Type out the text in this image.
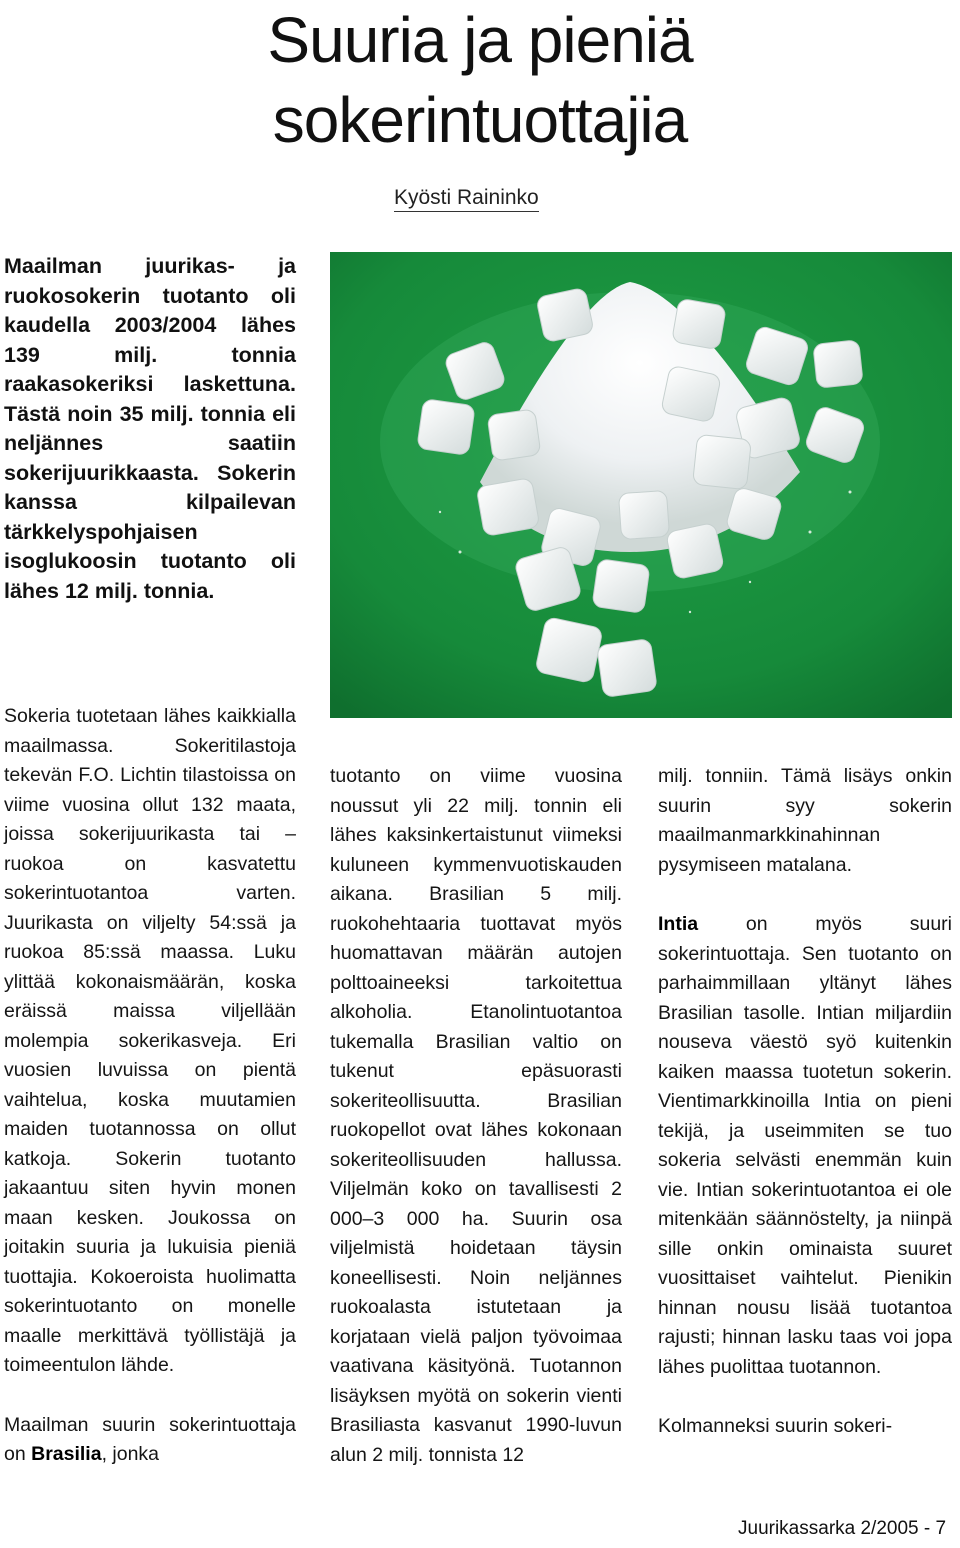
Suuria ja pieniä
sokerintuottajia
Kyösti Raininko

Maailman juurikas- ja ruokosokerin tuotanto oli kaudella 2003/2004 lähes 139 milj. tonnia raakasokeriksi laskettuna. Tästä noin 35 milj. tonnia eli neljännes saatiin sokerijuurikkaasta. Sokerin kanssa kilpailevan tärkkelyspohjaisen isoglukoosin tuotanto oli lähes 12 milj. tonnia.

Sokeria tuotetaan lähes kaikkialla maailmassa. Sokeritilastoja tekevän F.O. Lichtin tilastoissa on viime vuosina ollut 132 maata, joissa sokerijuurikasta tai –ruokoa on kasvatettu sokerintuotantoa varten. Juurikasta on viljelty 54:ssä ja ruokoa 85:ssä maassa. Luku ylittää kokonaismäärän, koska eräissä maissa viljellään molempia sokerikasveja. Eri vuosien luvuissa on pientä vaihtelua, koska muutamien maiden tuotannossa on ollut katkoja. Sokerin tuotanto jakaantuu siten hyvin monen maan kesken. Joukossa on joitakin suuria ja lukuisia pieniä tuottajia. Kokoeroista huolimatta sokerintuotanto on monelle maalle merkittävä työllistäjä ja toimeentulon lähde.

Maailman suurin sokerintuottaja on Brasilia, jonka

tuotanto on viime vuosina noussut yli 22 milj. tonnin eli lähes kaksinkertaistunut viimeksi kuluneen kymmenvuotiskauden aikana. Brasilian 5 milj. ruokohehtaaria tuottavat myös huomattavan määrän autojen polttoaineeksi tarkoitettua alkoholia. Etanolintuotantoa tukemalla Brasilian valtio on tukenut epäsuorasti sokeriteollisuutta. Brasilian ruokopellot ovat lähes kokonaan sokeriteollisuuden hallussa. Viljelmän koko on tavallisesti 2 000–3 000 ha. Suurin osa viljelmistä hoidetaan täysin koneellisesti. Noin neljännes ruokoalasta istutetaan ja korjataan vielä paljon työvoimaa vaativana käsityönä. Tuotannon lisäyksen myötä on sokerin vienti Brasiliasta kasvanut 1990-luvun alun 2 milj. tonnista 12

milj. tonniin. Tämä lisäys onkin suurin syy sokerin maailmanmarkkinahinnan pysymiseen matalana.

Intia on myös suuri sokerintuottaja. Sen tuotanto on parhaimmillaan yltänyt lähes Brasilian tasolle. Intian miljardiin nouseva väestö syö kuitenkin kaiken maassa tuotetun sokerin. Vientimarkkinoilla Intia on pieni tekijä, ja useimmiten se tuo sokeria selvästi enemmän kuin vie. Intian sokerintuotantoa ei ole mitenkään säännöstelty, ja niinpä sille onkin ominaista suuret vuosittaiset vaihtelut. Pienikin hinnan nousu lisää tuotantoa rajusti; hinnan lasku taas voi jopa lähes puolittaa tuotannon.

Kolmanneksi suurin sokeri-

Juurikassarka 2/2005 - 7
